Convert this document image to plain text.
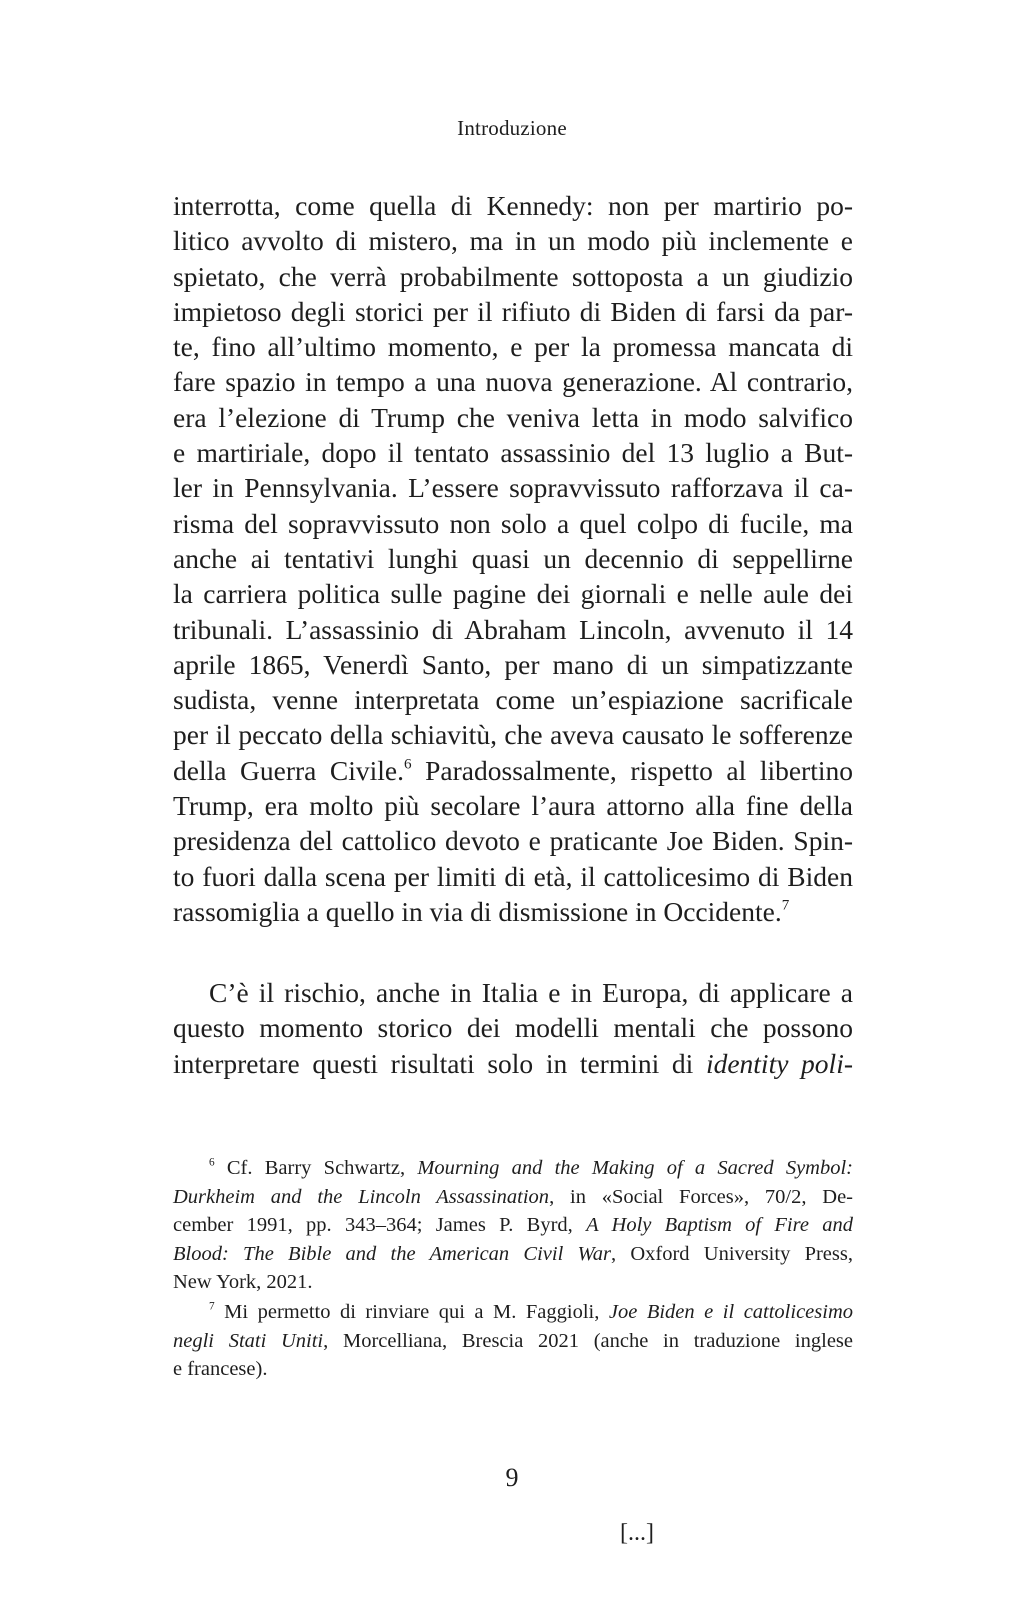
Introduzione
interrotta, come quella di Kennedy: non per martirio po-
litico avvolto di mistero, ma in un modo più inclemente e
spietato, che verrà probabilmente sottoposta a un giudizio
impietoso degli storici per il rifiuto di Biden di farsi da par-
te, fino all’ultimo momento, e per la promessa mancata di
fare spazio in tempo a una nuova generazione. Al contrario,
era l’elezione di Trump che veniva letta in modo salvifico
e martiriale, dopo il tentato assassinio del 13 luglio a But-
ler in Pennsylvania. L’essere sopravvissuto rafforzava il ca-
risma del sopravvissuto non solo a quel colpo di fucile, ma
anche ai tentativi lunghi quasi un decennio di seppellirne
la carriera politica sulle pagine dei giornali e nelle aule dei
tribunali. L’assassinio di Abraham Lincoln, avvenuto il 14
aprile 1865, Venerdì Santo, per mano di un simpatizzante
sudista, venne interpretata come un’espiazione sacrificale
per il peccato della schiavitù, che aveva causato le sofferenze
della Guerra Civile.$^6$ Paradossalmente, rispetto al libertino
Trump, era molto più secolare l’aura attorno alla fine della
presidenza del cattolico devoto e praticante Joe Biden. Spin-
to fuori dalla scena per limiti di età, il cattolicesimo di Biden
rassomiglia a quello in via di dismissione in Occidente.$^7$
C’è il rischio, anche in Italia e in Europa, di applicare a
questo momento storico dei modelli mentali che possono
interpretare questi risultati solo in termini di identity poli-
$^6$ Cf. Barry Schwartz, Mourning and the Making of a Sacred Symbol:
Durkheim and the Lincoln Assassination, in «Social Forces», 70/2, De-
cember 1991, pp. 343–364; James P. Byrd, A Holy Baptism of Fire and
Blood: The Bible and the American Civil War, Oxford University Press,
New York, 2021.
$^7$ Mi permetto di rinviare qui a M. Faggioli, Joe Biden e il cattolicesimo
negli Stati Uniti, Morcelliana, Brescia 2021 (anche in traduzione inglese
e francese).
9
[...]
